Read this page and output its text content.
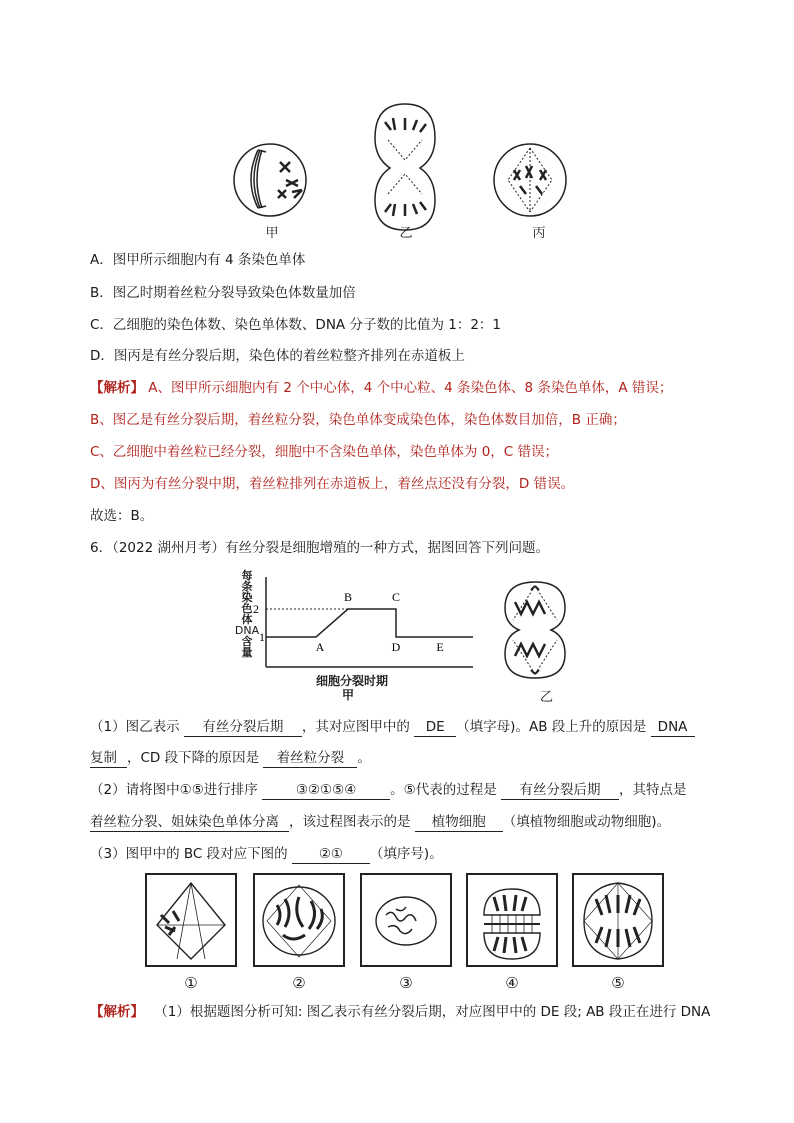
甲	乙	丙
A．图甲所示细胞内有 4 条染色单体
B．图乙时期着丝粒分裂导致染色体数量加倍
C．乙细胞的染色体数、染色单体数、DNA 分子数的比值为 1：2：1
D．图丙是有丝分裂后期，染色体的着丝粒整齐排列在赤道板上
【解析】 A、图甲所示细胞内有 2 个中心体，4 个中心粒、4 条染色体、8 条染色单体，A 错误；
B、图乙是有丝分裂后期，着丝粒分裂，染色单体变成染色体，染色体数目加倍，B 正确；
C、乙细胞中着丝粒已经分裂，细胞中不含染色单体，染色单体为 0，C 错误；
D、图丙为有丝分裂中期，着丝粒排列在赤道板上，着丝点还没有分裂，D 错误。
故选：B。
6．（2022 湖州月考）有丝分裂是细胞增殖的一种方式，据图回答下列问题。
2
1
A
B	C
D	E
每
条
染
色
体
DNA
含
量
细胞分裂时期
甲	乙
（1）图乙表示 有丝分裂后期 ，其对应图甲中的 DE （填字母)。AB 段上升的原因是 DNA
复制 ，CD 段下降的原因是 着丝粒分裂 。
（2）请将图中①⑤进行排序 ③②①⑤④	。⑤代表的过程是 有丝分裂后期 ，其特点是
着丝粒分裂、姐妹染色单体分离 ，该过程图表示的是 植物细胞 （填植物细胞或动物细胞)。
（3）图甲中的 BC 段对应下图的 ②① （填序号)。
①	②	③	④	⑤
【解析】 （1）根据题图分析可知: 图乙表示有丝分裂后期，对应图甲中的 DE 段; AB 段正在进行 DNA
